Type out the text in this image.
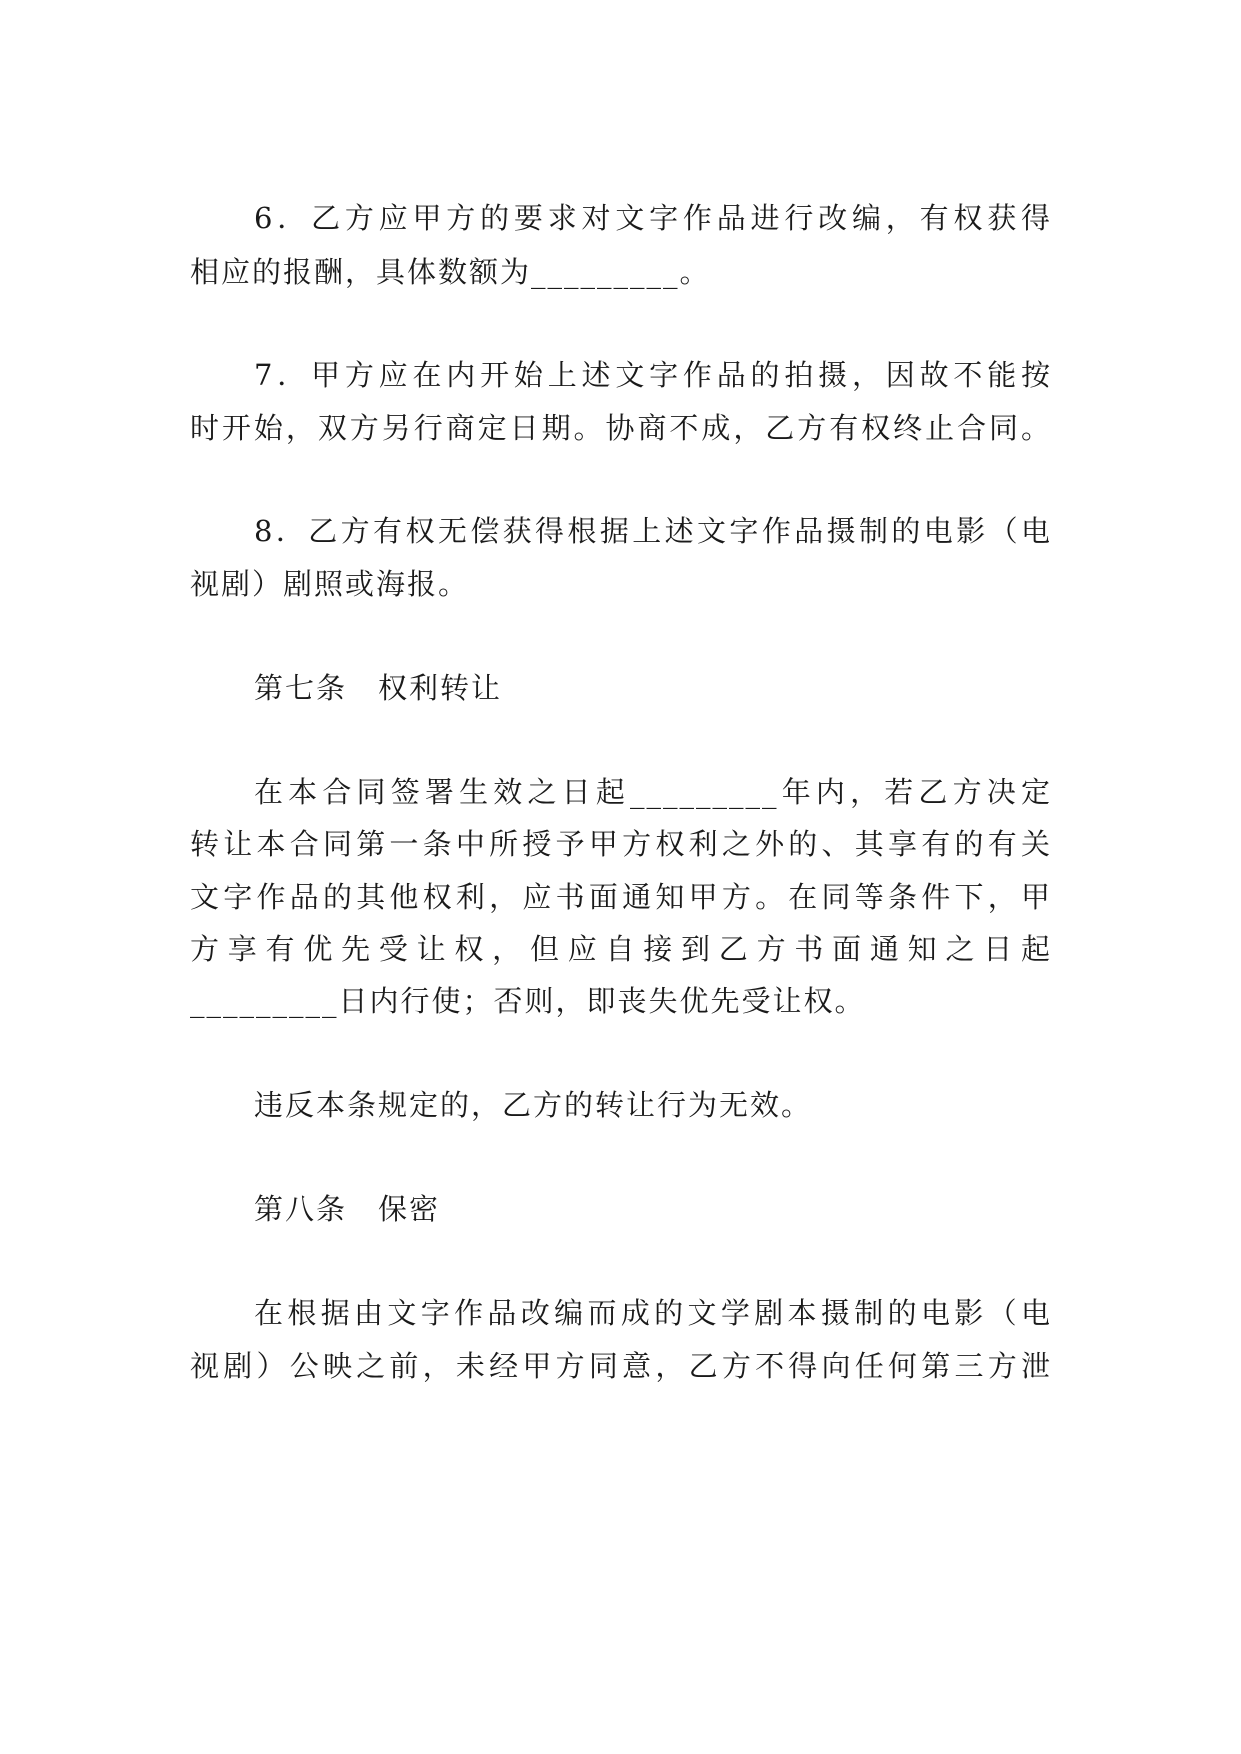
6．乙方应甲方的要求对文字作品进行改编，有权获得
相应的报酬，具体数额为_________。
7．甲方应在内开始上述文字作品的拍摄，因故不能按
时开始，双方另行商定日期。协商不成，乙方有权终止合同。
8．乙方有权无偿获得根据上述文字作品摄制的电影（电
视剧）剧照或海报。
第七条　权利转让
在本合同签署生效之日起_________年内，若乙方决定
转让本合同第一条中所授予甲方权利之外的、其享有的有关
文字作品的其他权利，应书面通知甲方。在同等条件下，甲
方享有优先受让权，但应自接到乙方书面通知之日起
_________日内行使；否则，即丧失优先受让权。
违反本条规定的，乙方的转让行为无效。
第八条　保密
在根据由文字作品改编而成的文学剧本摄制的电影（电
视剧）公映之前，未经甲方同意，乙方不得向任何第三方泄
